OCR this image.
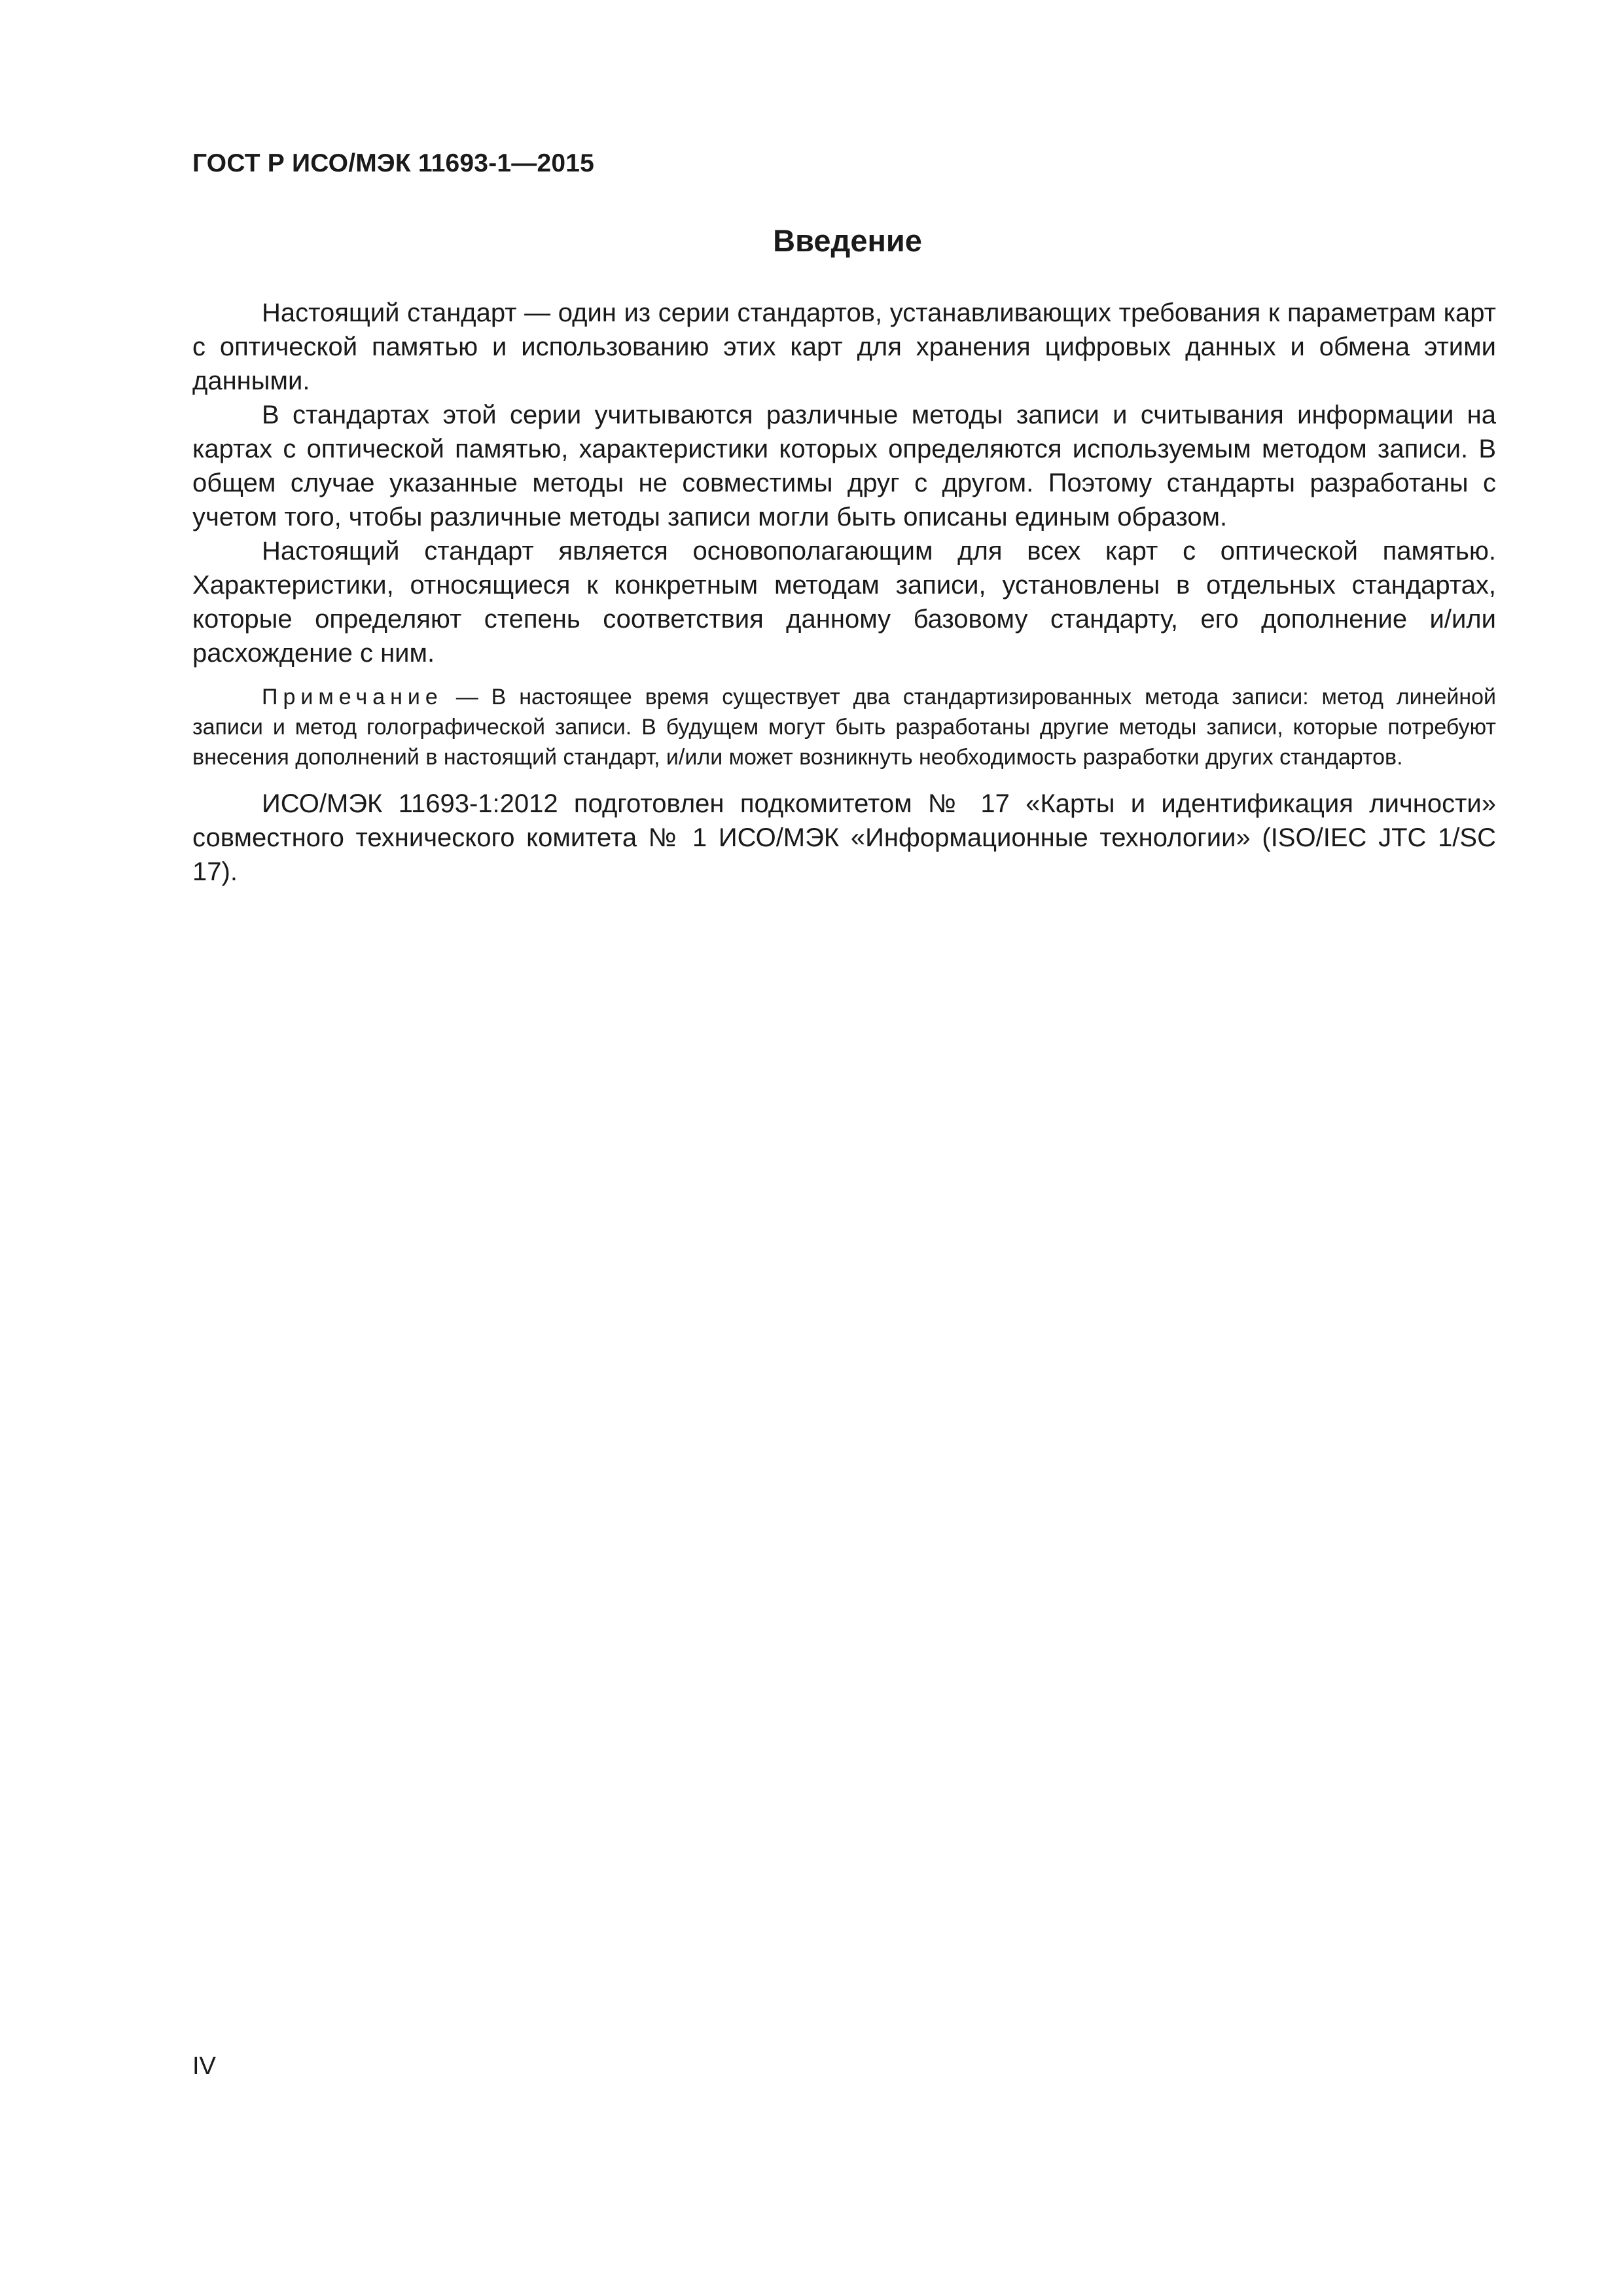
ГОСТ Р ИСО/МЭК 11693-1—2015
Введение

Настоящий стандарт — один из серии стандартов, устанавливающих требования к параметрам карт с оптической памятью и использованию этих карт для хранения цифровых данных и обмена этими данными.

В стандартах этой серии учитываются различные методы записи и считывания информации на картах с оптической памятью, характеристики которых определяются используемым методом записи. В общем случае указанные методы не совместимы друг с другом. Поэтому стандарты разработаны с учетом того, чтобы различные методы записи могли быть описаны единым образом.

Настоящий стандарт является основополагающим для всех карт с оптической памятью. Характеристики, относящиеся к конкретным методам записи, установлены в отдельных стандартах, которые определяют степень соответствия данному базовому стандарту, его дополнение и/или расхождение с ним.

Примечание — В настоящее время существует два стандартизированных метода записи: метод линейной записи и метод голографической записи. В будущем могут быть разработаны другие методы записи, которые потребуют внесения дополнений в настоящий стандарт, и/или может возникнуть необходимость разработки других стандартов.

ИСО/МЭК 11693-1:2012 подготовлен подкомитетом № 17 «Карты и идентификация личности» совместного технического комитета № 1 ИСО/МЭК «Информационные технологии» (ISO/IEC JTC 1/SC 17).

IV
